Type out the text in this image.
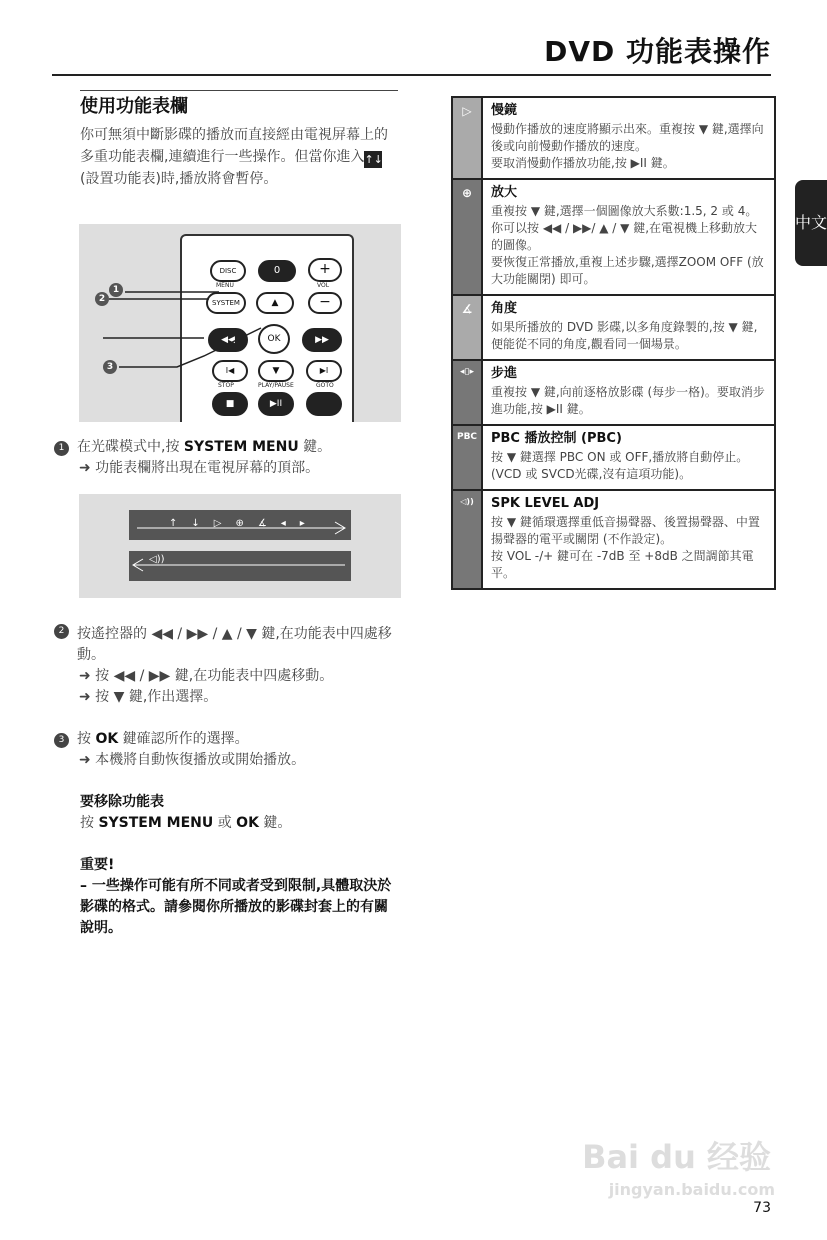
DVD 功能表操作
中文
使用功能表欄
你可無須中斷影碟的播放而直接經由電視屏幕上的多重功能表欄,連續進行一些操作。但當你進入↑↓(設置功能表)時,播放將會暫停。
DISC
MENU
0	+
VOL
−
SYSTEM	▲
◀◀	OK	▶▶
I◀	▼	▶I
STOP	PLAY/PAUSE	GOTO
■	▶II
1
2
3
1 在光碟模式中,按 SYSTEM MENU 鍵。
➜ 功能表欄將出現在電視屏幕的頂部。
↑↓▷⊕∡◂▸
◁))
2 按遙控器的 ◀◀ / ▶▶ / ▲ / ▼ 鍵,在功能表中四處移動。
➜ 按 ◀◀ / ▶▶ 鍵,在功能表中四處移動。
➜ 按 ▼ 鍵,作出選擇。
3 按 OK 鍵確認所作的選擇。
➜ 本機將自動恢復播放或開始播放。
要移除功能表
按 SYSTEM MENU 或 OK 鍵。
重要!
– 一些操作可能有所不同或者受到限制,具體取決於影碟的格式。請參閱你所播放的影碟封套上的有關說明。
▷	慢鏡
慢動作播放的速度將顯示出來。重複按 ▼ 鍵,選擇向後或向前慢動作播放的速度。
要取消慢動作播放功能,按 ▶II 鍵。
⊕	放大
重複按 ▼ 鍵,選擇一個圖像放大系數:1.5, 2 或 4。你可以按 ◀◀ / ▶▶/ ▲ / ▼ 鍵,在電視機上移動放大的圖像。
要恢復正常播放,重複上述步驟,選擇ZOOM OFF (放大功能關閉) 即可。
∡	角度
如果所播放的 DVD 影碟,以多角度錄製的,按 ▼ 鍵,便能從不同的角度,觀看同一個場景。
◂▯▸	步進
重複按 ▼ 鍵,向前逐格放影碟 (每步一格)。要取消步進功能,按 ▶II 鍵。
PBC	PBC 播放控制 (PBC)
按 ▼ 鍵選擇 PBC ON 或 OFF,播放將自動停止。(VCD 或 SVCD光碟,沒有這項功能)。
◁))	SPK LEVEL ADJ
按 ▼ 鍵循環選擇重低音揚聲器、後置揚聲器、中置揚聲器的電平或關閉 (不作設定)。
按 VOL -/+ 鍵可在 -7dB 至 +8dB 之間調節其電平。
Bai du 经验
jingyan.baidu.com
73
